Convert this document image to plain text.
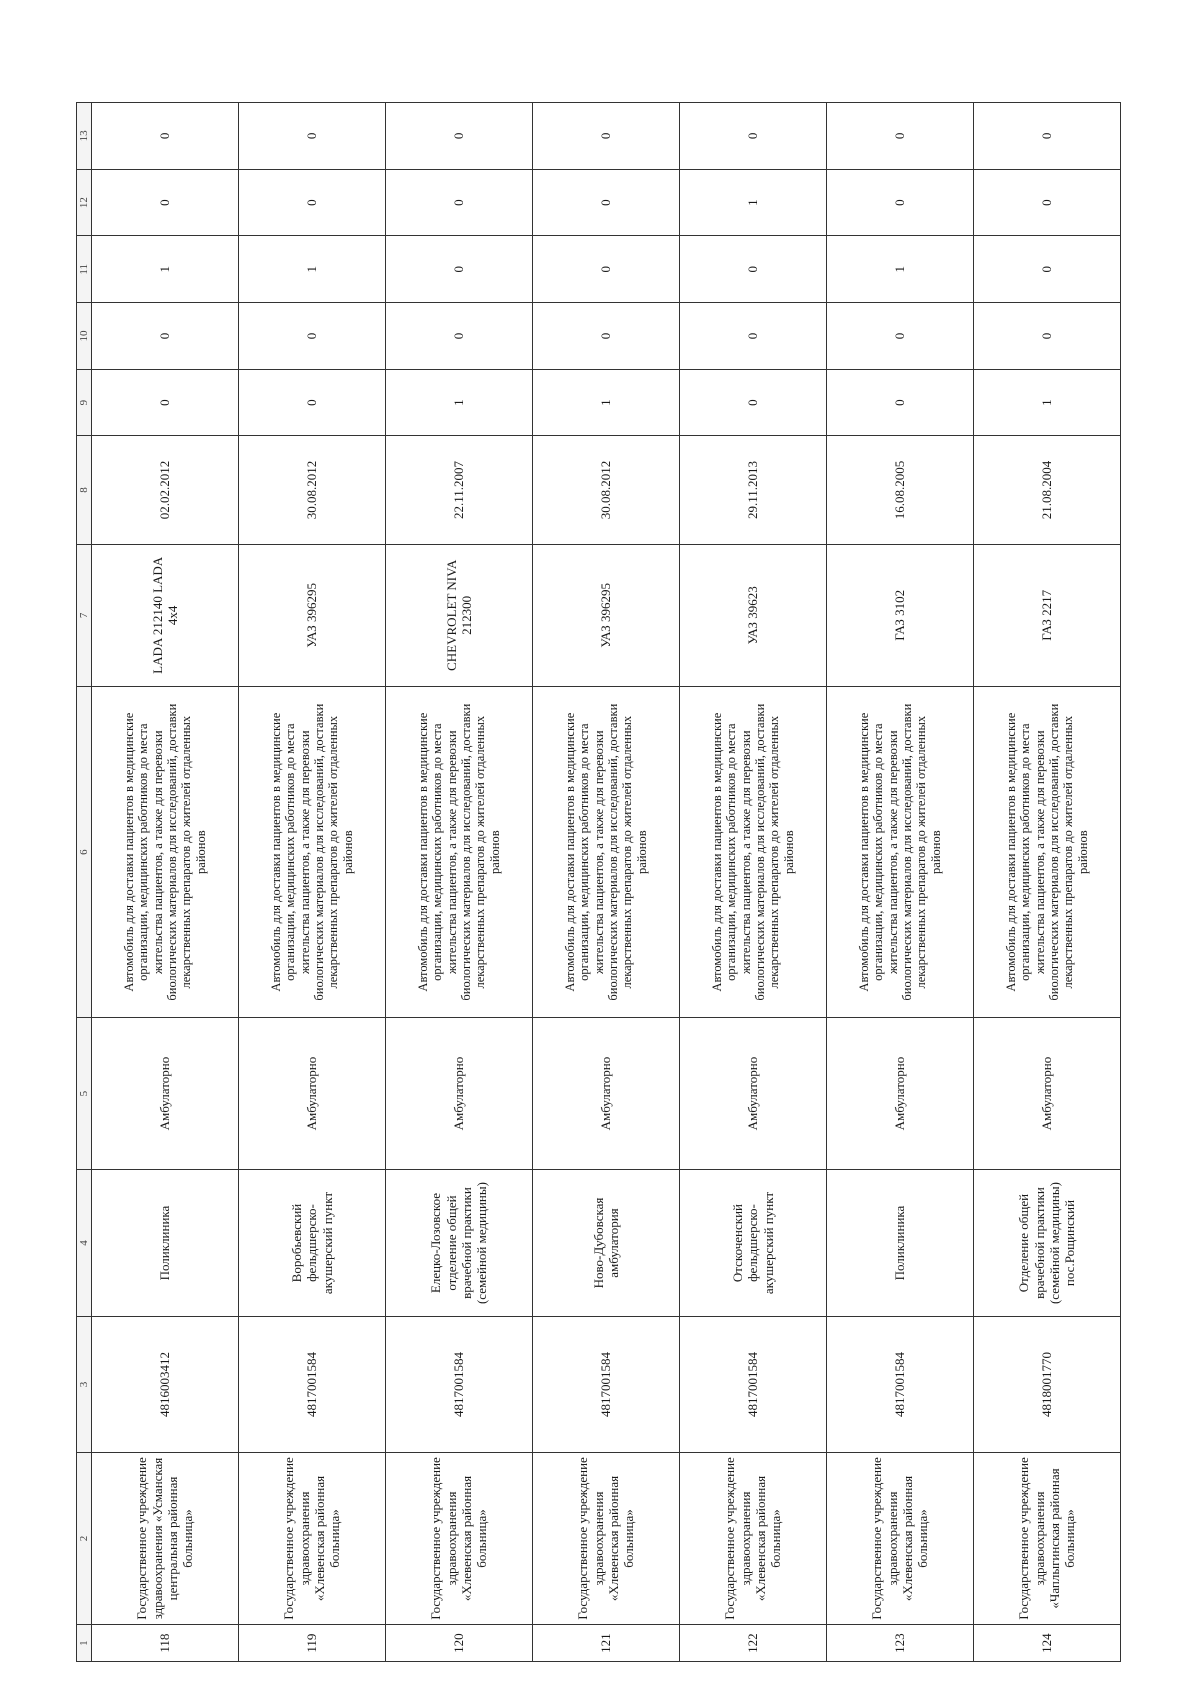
1	2	3	4	5	6	7	8	9	10	11	12	13
118	Государственное учреждение здравоохранения «Усманская центральная районная больница»	4816003412	Поликлиника	Амбулаторно	Автомобиль для доставки пациентов в медицинские организации, медицинских работников до места жительства пациентов, а также для перевозки биологических материалов для исследований, доставки лекарственных препаратов до жителей отдаленных районов	LADA 212140 LADA 4x4	02.02.2012	0	0	1	0	0
119	Государственное учреждение здравоохранения «Хлевенская районная больница»	4817001584	Воробьевский фельдшерско-акушерский пункт	Амбулаторно	Автомобиль для доставки пациентов в медицинские организации, медицинских работников до места жительства пациентов, а также для перевозки биологических материалов для исследований, доставки лекарственных препаратов до жителей отдаленных районов	УАЗ 396295	30.08.2012	0	0	1	0	0
120	Государственное учреждение здравоохранения «Хлевенская районная больница»	4817001584	Елецко-Лозовское отделение общей врачебной практики (семейной медицины)	Амбулаторно	Автомобиль для доставки пациентов в медицинские организации, медицинских работников до места жительства пациентов, а также для перевозки биологических материалов для исследований, доставки лекарственных препаратов до жителей отдаленных районов	CHEVROLET NIVA 212300	22.11.2007	1	0	0	0	0
121	Государственное учреждение здравоохранения «Хлевенская районная больница»	4817001584	Ново-Дубовская амбулатория	Амбулаторно	Автомобиль для доставки пациентов в медицинские организации, медицинских работников до места жительства пациентов, а также для перевозки биологических материалов для исследований, доставки лекарственных препаратов до жителей отдаленных районов	УАЗ 396295	30.08.2012	1	0	0	0	0
122	Государственное учреждение здравоохранения «Хлевенская районная больница»	4817001584	Отскоченский фельдшерско-акушерский пункт	Амбулаторно	Автомобиль для доставки пациентов в медицинские организации, медицинских работников до места жительства пациентов, а также для перевозки биологических материалов для исследований, доставки лекарственных препаратов до жителей отдаленных районов	УАЗ 39623	29.11.2013	0	0	0	1	0
123	Государственное учреждение здравоохранения «Хлевенская районная больница»	4817001584	Поликлиника	Амбулаторно	Автомобиль для доставки пациентов в медицинские организации, медицинских работников до места жительства пациентов, а также для перевозки биологических материалов для исследований, доставки лекарственных препаратов до жителей отдаленных районов	ГАЗ 3102	16.08.2005	0	0	1	0	0
124	Государственное учреждение здравоохранения «Чаплыгинская районная больница»	4818001770	Отделение общей врачебной практики (семейной медицины) пос.Рощинский	Амбулаторно	Автомобиль для доставки пациентов в медицинские организации, медицинских работников до места жительства пациентов, а также для перевозки биологических материалов для исследований, доставки лекарственных препаратов до жителей отдаленных районов	ГАЗ 2217	21.08.2004	1	0	0	0	0
